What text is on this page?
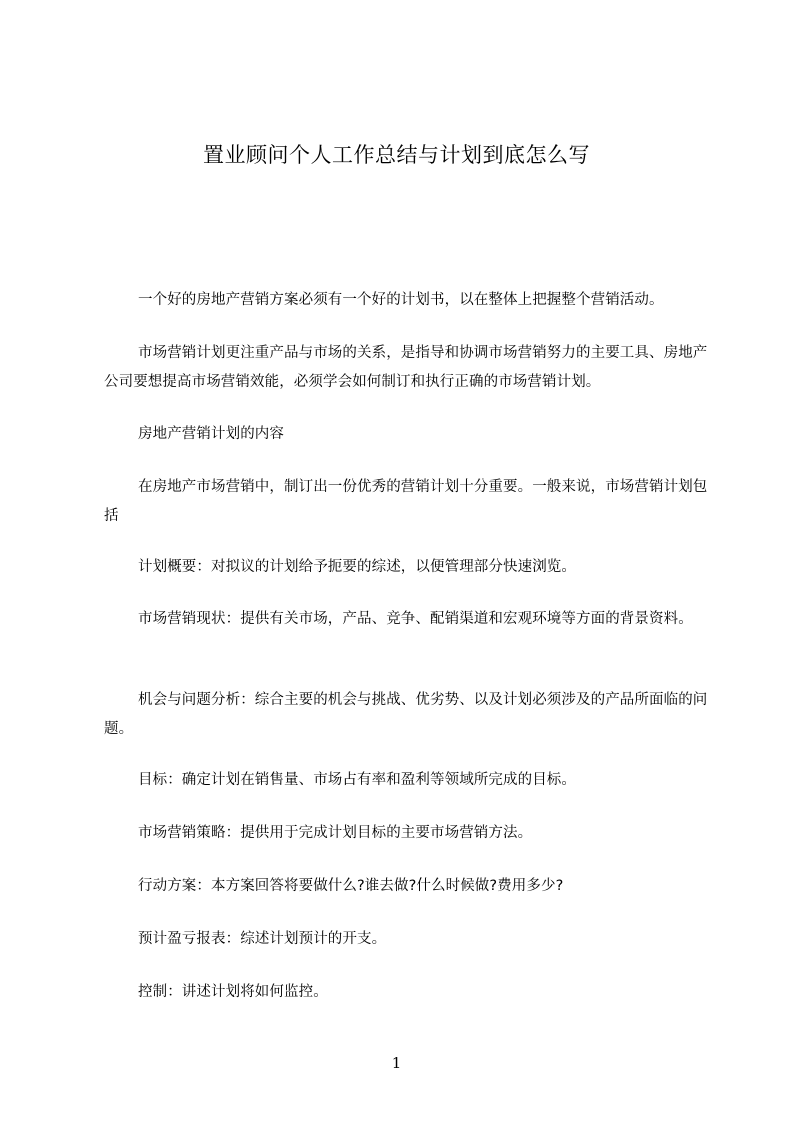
置业顾问个人工作总结与计划到底怎么写

一个好的房地产营销方案必须有一个好的计划书，以在整体上把握整个营销活动。

市场营销计划更注重产品与市场的关系，是指导和协调市场营销努力的主要工具、房地产公司要想提高市场营销效能，必须学会如何制订和执行正确的市场营销计划。

房地产营销计划的内容

在房地产市场营销中，制订出一份优秀的营销计划十分重要。一般来说，市场营销计划包括

计划概要：对拟议的计划给予扼要的综述，以便管理部分快速浏览。

市场营销现状：提供有关市场，产品、竞争、配销渠道和宏观环境等方面的背景资料。

机会与问题分析：综合主要的机会与挑战、优劣势、以及计划必须涉及的产品所面临的问题。

目标：确定计划在销售量、市场占有率和盈利等领域所完成的目标。

市场营销策略：提供用于完成计划目标的主要市场营销方法。

行动方案：本方案回答将要做什么?谁去做?什么时候做?费用多少?

预计盈亏报表：综述计划预计的开支。

控制：讲述计划将如何监控。

1
